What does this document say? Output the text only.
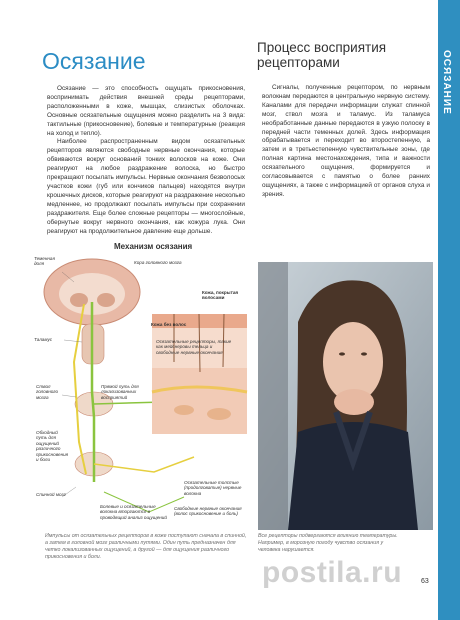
ОСЯЗАНИЕ
Осязание
Процесс восприятия рецепторами

Осязание — это способность ощущать прикосновения, воспринимать действия внешней среды рецепторами, расположенными в коже, мышцах, слизистых оболочках. Основные осязательные ощущения можно разделить на 3 вида: тактильные (прикосновение), болевые и температурные (реакция на холод и тепло).

Наиболее распространенным видом осязательных рецепторов являются свободные нервные окончания, которые обвиваются вокруг оснований тонких волосков на коже. Они реагируют на любое раздражение волоска, но быстро прекращают посылать импульсы. Нервные окончания безволосых участков кожи (губ или кончиков пальцев) находятся внутри крошечных дисков, которые реагируют на раздражение несколько медленнее, но продолжают посылать импульсы при сохранении раздражителя. Еще более сложные рецепторы — многослойные, обернутые вокруг нервного окончания, как кожура лука. Они реагируют на продолжительное давление еще дольше.

Сигналы, полученные рецептором, по нервным волокнам передаются в центральную нервную систему. Каналами для передачи информации служат спинной мозг, ствол мозга и таламус. Из таламуса необработанные данные передаются в узкую полоску в передней части теменных долей. Здесь информация обрабатывается и переходит во второстепенную, а затем и в третьестепенную чувствительные зоны, где полная картина местонахождения, типа и важности осязательного ощущения, формируется и согласовывается с памятью о более ранних ощущениях, а также с информацией от органов слуха и зрения.

Механизм осязания
Теменная доля	Кора головного мозга
Кожа, покрытая волосами
Кожа без волос
Таламус	Осязательные рецепторы, такие как мейснеровы тельца и свободные нервные окончания
Ствол головного мозга
Прямой путь для локализованных восприятий
Обходный путь для ощущений различного прикосновения и боли
Спинной мозг
Осязательные толстые (продолговатые) нервные волокна
Болевые и осязательные волокна вторгаются в проводящий анализ ощущений
Свободные нервные окончания (волос прикосновение и боль)
Импульсы от осязательных рецепторов в коже поступают сначала в спинной, а затем в головной мозг различными путями. Один путь предназначен для четко локализованных ощущений, а другой — для ощущения различного прикосновения и боли.
Все рецепторы подвергаются влиянию температуры. Например, в морозную погоду чувство осязания у человека нарушается.
postila.ru	63
